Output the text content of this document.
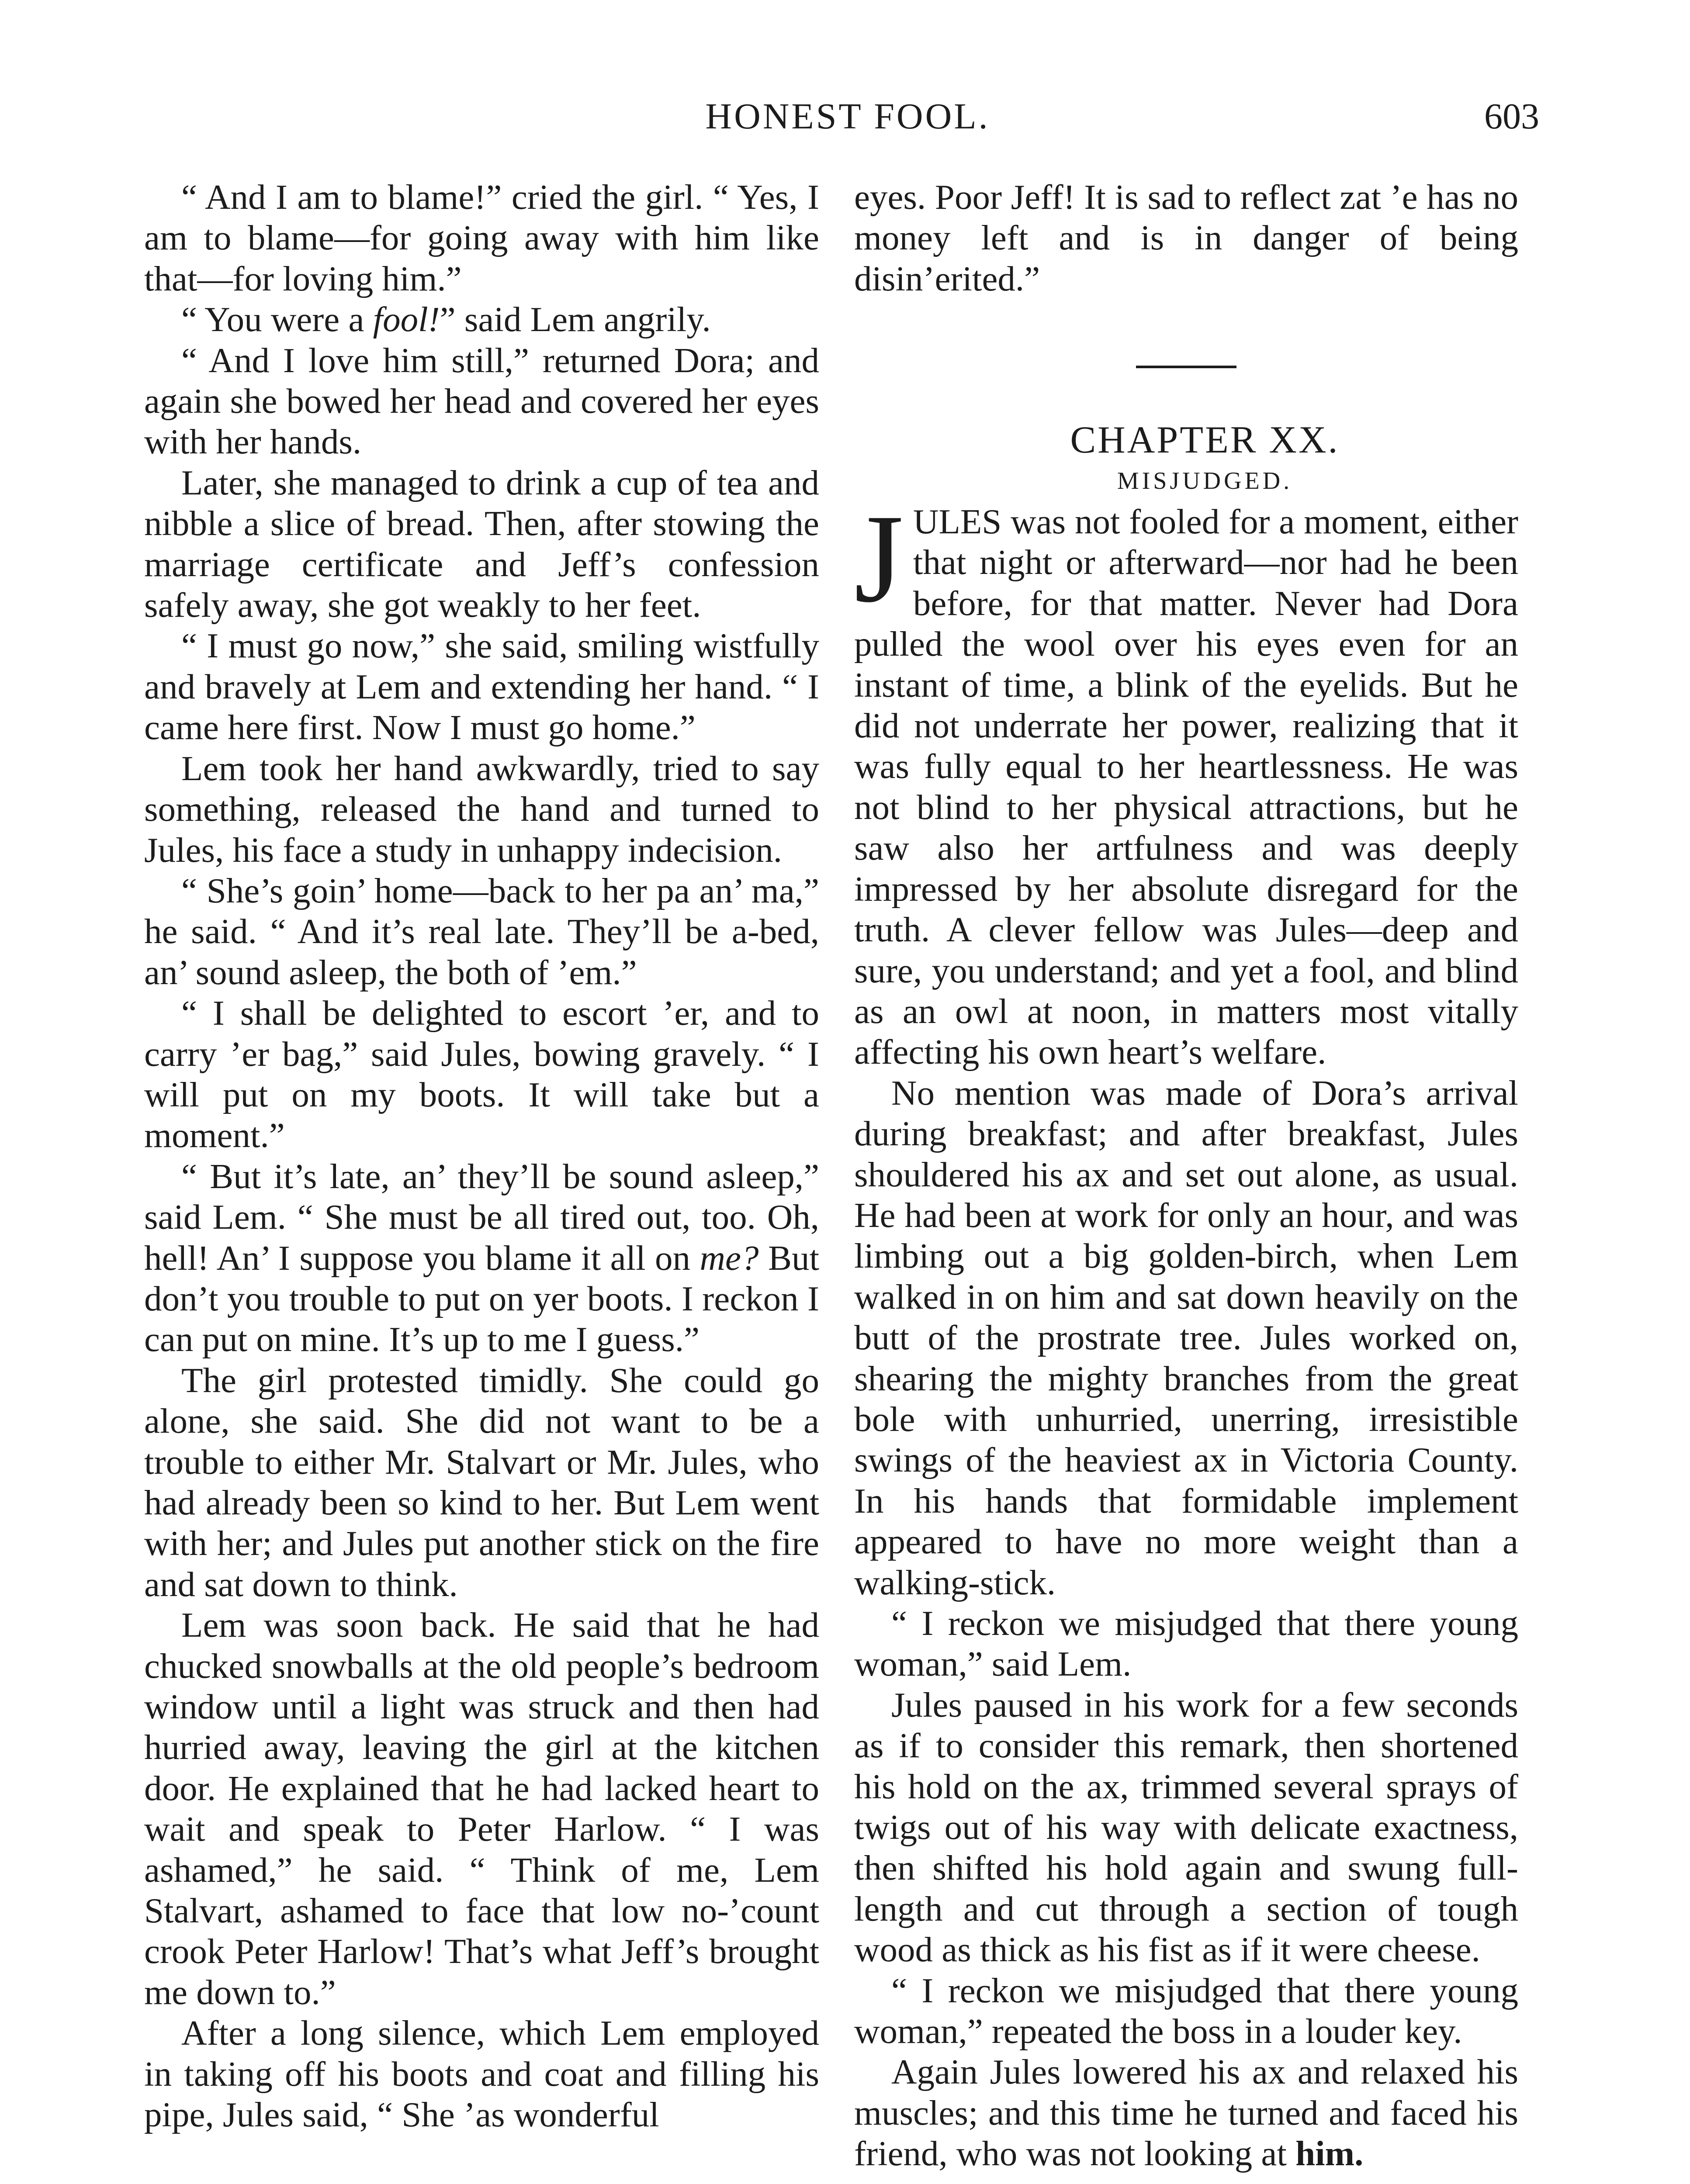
HONEST FOOL.	603

“ And I am to blame!” cried the girl. “ Yes, I am to blame—for going away with him like that—for loving him.”

“ You were a fool!” said Lem angrily.

“ And I love him still,” returned Dora; and again she bowed her head and covered her eyes with her hands.

Later, she managed to drink a cup of tea and nibble a slice of bread. Then, after stowing the marriage certificate and Jeff’s confession safely away, she got weakly to her feet.

“ I must go now,” she said, smiling wistfully and bravely at Lem and extending her hand. “ I came here first. Now I must go home.”

Lem took her hand awkwardly, tried to say something, released the hand and turned to Jules, his face a study in unhappy indecision.

“ She’s goin’ home—back to her pa an’ ma,” he said. “ And it’s real late. They’ll be a-bed, an’ sound asleep, the both of ’em.”

“ I shall be delighted to escort ’er, and to carry ’er bag,” said Jules, bowing gravely. “ I will put on my boots. It will take but a moment.”

“ But it’s late, an’ they’ll be sound asleep,” said Lem. “ She must be all tired out, too. Oh, hell! An’ I suppose you blame it all on me? But don’t you trouble to put on yer boots. I reckon I can put on mine. It’s up to me I guess.”

The girl protested timidly. She could go alone, she said. She did not want to be a trouble to either Mr. Stalvart or Mr. Jules, who had already been so kind to her. But Lem went with her; and Jules put another stick on the fire and sat down to think.

Lem was soon back. He said that he had chucked snowballs at the old people’s bedroom window until a light was struck and then had hurried away, leaving the girl at the kitchen door. He explained that he had lacked heart to wait and speak to Peter Harlow. “ I was ashamed,” he said. “ Think of me, Lem Stalvart, ashamed to face that low no-’count crook Peter Harlow! That’s what Jeff’s brought me down to.”

After a long silence, which Lem employed in taking off his boots and coat and filling his pipe, Jules said, “ She ’as wonderful

eyes. Poor Jeff! It is sad to reflect zat ’e has no money left and is in danger of being disin’erited.”

CHAPTER XX.

MISJUDGED.

JULES was not fooled for a moment, either that night or afterward—nor had he been before, for that matter. Never had Dora pulled the wool over his eyes even for an instant of time, a blink of the eyelids. But he did not underrate her power, realizing that it was fully equal to her heartlessness. He was not blind to her physical attractions, but he saw also her artfulness and was deeply impressed by her absolute disregard for the truth. A clever fellow was Jules—deep and sure, you understand; and yet a fool, and blind as an owl at noon, in matters most vitally affecting his own heart’s welfare.

No mention was made of Dora’s arrival during breakfast; and after breakfast, Jules shouldered his ax and set out alone, as usual. He had been at work for only an hour, and was limbing out a big golden-birch, when Lem walked in on him and sat down heavily on the butt of the prostrate tree. Jules worked on, shearing the mighty branches from the great bole with unhurried, unerring, irresistible swings of the heaviest ax in Victoria County. In his hands that formidable implement appeared to have no more weight than a walking-stick.

“ I reckon we misjudged that there young woman,” said Lem.

Jules paused in his work for a few seconds as if to consider this remark, then shortened his hold on the ax, trimmed several sprays of twigs out of his way with delicate exactness, then shifted his hold again and swung full-length and cut through a section of tough wood as thick as his fist as if it were cheese.

“ I reckon we misjudged that there young woman,” repeated the boss in a louder key.

Again Jules lowered his ax and relaxed his muscles; and this time he turned and faced his friend, who was not looking at him.
